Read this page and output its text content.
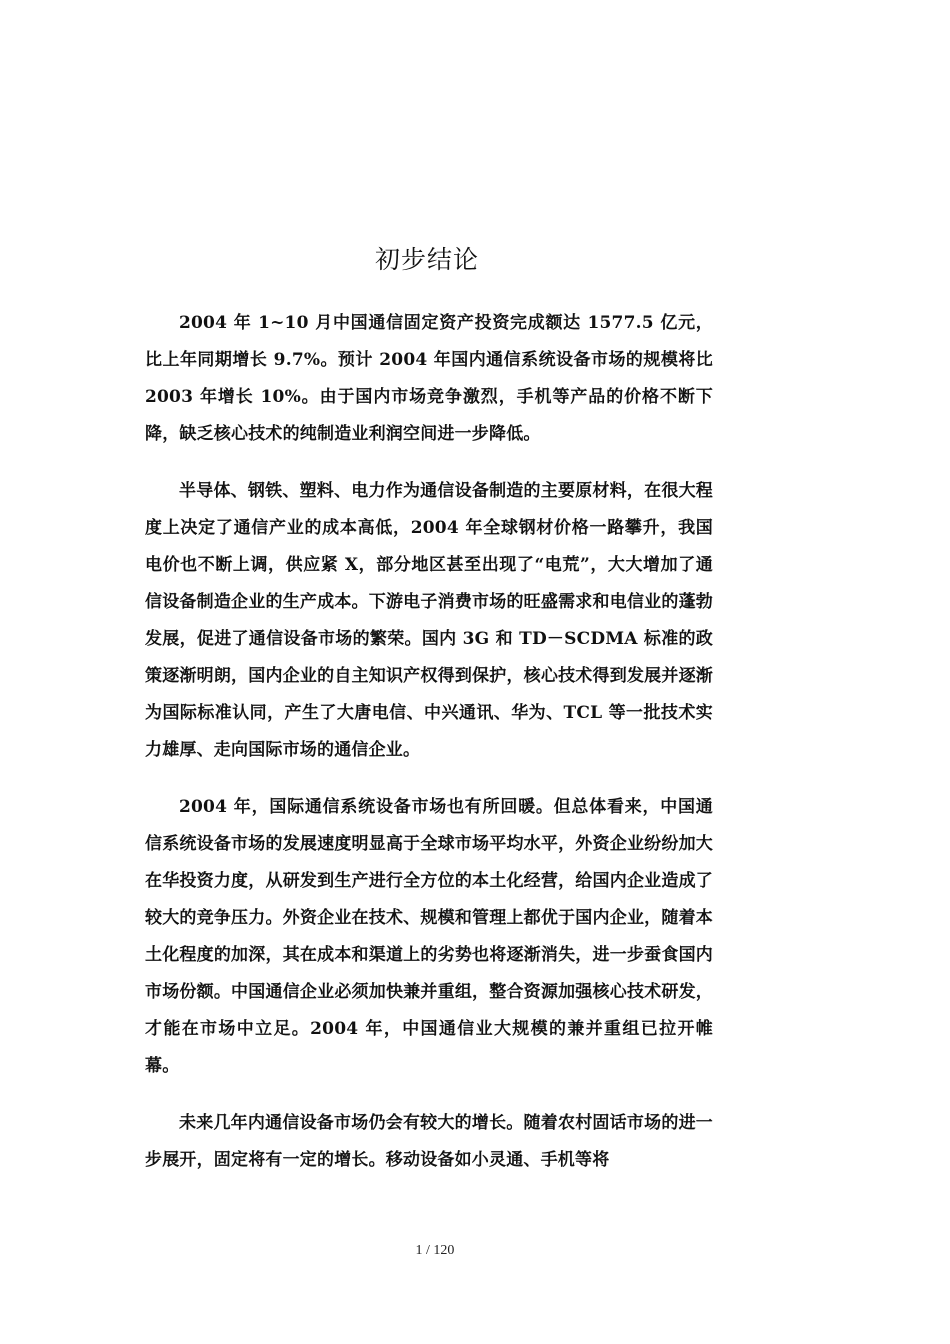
初步结论

2004 年 1~10 月中国通信固定资产投资完成额达 1577.5 亿元，比上年同期增长 9.7%。预计 2004 年国内通信系统设备市场的规模将比 2003 年增长 10%。由于国内市场竞争激烈，手机等产品的价格不断下降，缺乏核心技术的纯制造业利润空间进一步降低。

半导体、钢铁、塑料、电力作为通信设备制造的主要原材料，在很大程度上决定了通信产业的成本高低，2004 年全球钢材价格一路攀升，我国电价也不断上调，供应紧 X，部分地区甚至出现了“电荒”，大大增加了通信设备制造企业的生产成本。下游电子消费市场的旺盛需求和电信业的蓬勃发展，促进了通信设备市场的繁荣。国内 3G 和 TD－SCDMA 标准的政策逐渐明朗，国内企业的自主知识产权得到保护，核心技术得到发展并逐渐为国际标准认同，产生了大唐电信、中兴通讯、华为、TCL 等一批技术实力雄厚、走向国际市场的通信企业。

2004 年，国际通信系统设备市场也有所回暖。但总体看来，中国通信系统设备市场的发展速度明显高于全球市场平均水平，外资企业纷纷加大在华投资力度，从研发到生产进行全方位的本土化经营，给国内企业造成了较大的竞争压力。外资企业在技术、规模和管理上都优于国内企业，随着本土化程度的加深，其在成本和渠道上的劣势也将逐渐消失，进一步蚕食国内市场份额。中国通信企业必须加快兼并重组，整合资源加强核心技术研发，才能在市场中立足。2004 年，中国通信业大规模的兼并重组已拉开帷幕。

未来几年内通信设备市场仍会有较大的增长。随着农村固话市场的进一步展开，固定将有一定的增长。移动设备如小灵通、手机等将

1 / 120
